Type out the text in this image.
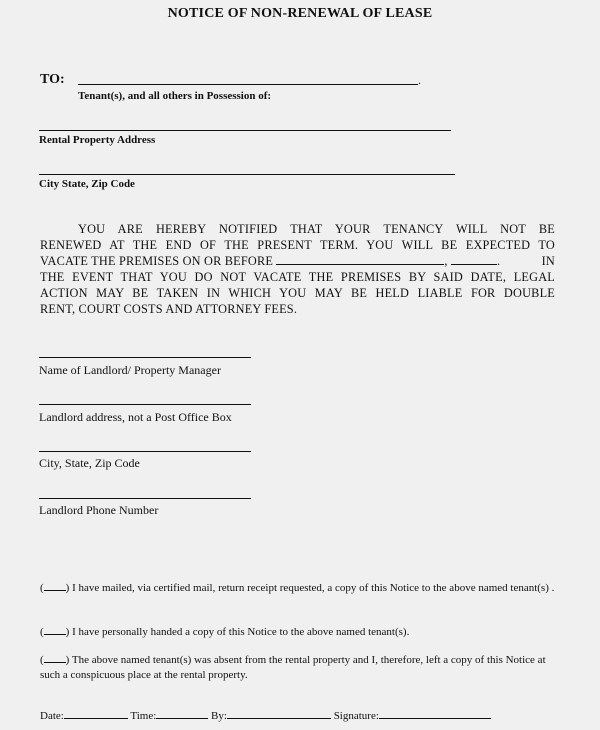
NOTICE OF NON-RENEWAL OF LEASE
TO:	.
Tenant(s), and all others in Possession of:
Rental Property Address
City State, Zip Code
YOU ARE HEREBY NOTIFIED THAT YOUR TENANCY WILL NOT BE
RENEWED AT THE END OF THE PRESENT TERM. YOU WILL BE EXPECTED TO
VACATE THE PREMISES ON OR BEFORE	,	.	IN
THE EVENT THAT YOU DO NOT VACATE THE PREMISES BY SAID DATE, LEGAL
ACTION MAY BE TAKEN IN WHICH YOU MAY BE HELD LIABLE FOR DOUBLE
RENT, COURT COSTS AND ATTORNEY FEES.
Name of Landlord/ Property Manager
Landlord address, not a Post Office Box
City, State, Zip Code
Landlord Phone Number
( ) I have mailed, via certified mail, return receipt requested, a copy of this Notice to the above named tenant(s) .
( ) I have personally handed a copy of this Notice to the above named tenant(s).
( ) The above named tenant(s) was absent from the rental property and I, therefore, left a copy of this Notice at such a conspicuous place at the rental property.
Date:	Time:	By:	Signature:
